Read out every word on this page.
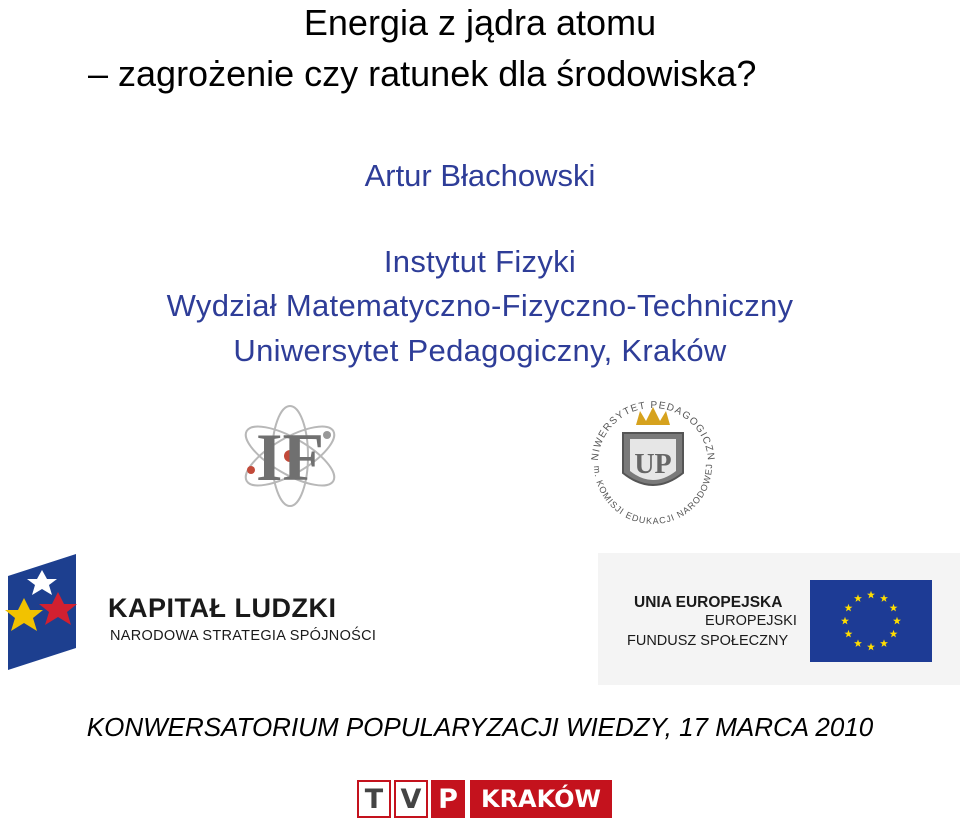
Energia z jądra atomu
– zagrożenie czy ratunek dla środowiska?
Artur Błachowski
Instytut Fizyki
Wydział Matematyczno-Fizyczno-Techniczny
Uniwersytet Pedagogiczny, Kraków
IF	NIWERSYTET PEDAGOGICZN
m. KOMISJI EDUKACJI NARODOWEJ
UP
KAPITAŁ LUDZKI
NARODOWA STRATEGIA SPÓJNOŚCI
UNIA EUROPEJSKA
EUROPEJSKI
FUNDUSZ SPOŁECZNY
KONWERSATORIUM POPULARYZACJI WIEDZY, 17 MARCA 2010
T V P KRAKÓW
